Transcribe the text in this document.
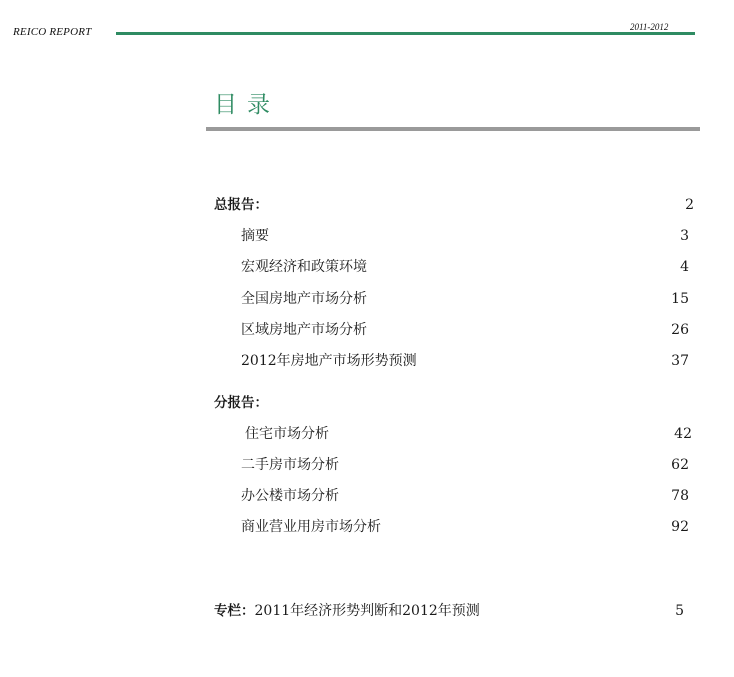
REICO REPORT	2011-2012
目录
总报告：	2
摘要	3
宏观经济和政策环境	4
全国房地产市场分析	15
区域房地产市场分析	26
2012年房地产市场形势预测	37
分报告：
住宅市场分析	42
二手房市场分析	62
办公楼市场分析	78
商业营业用房市场分析	92
专栏：2011年经济形势判断和2012年预测	5
